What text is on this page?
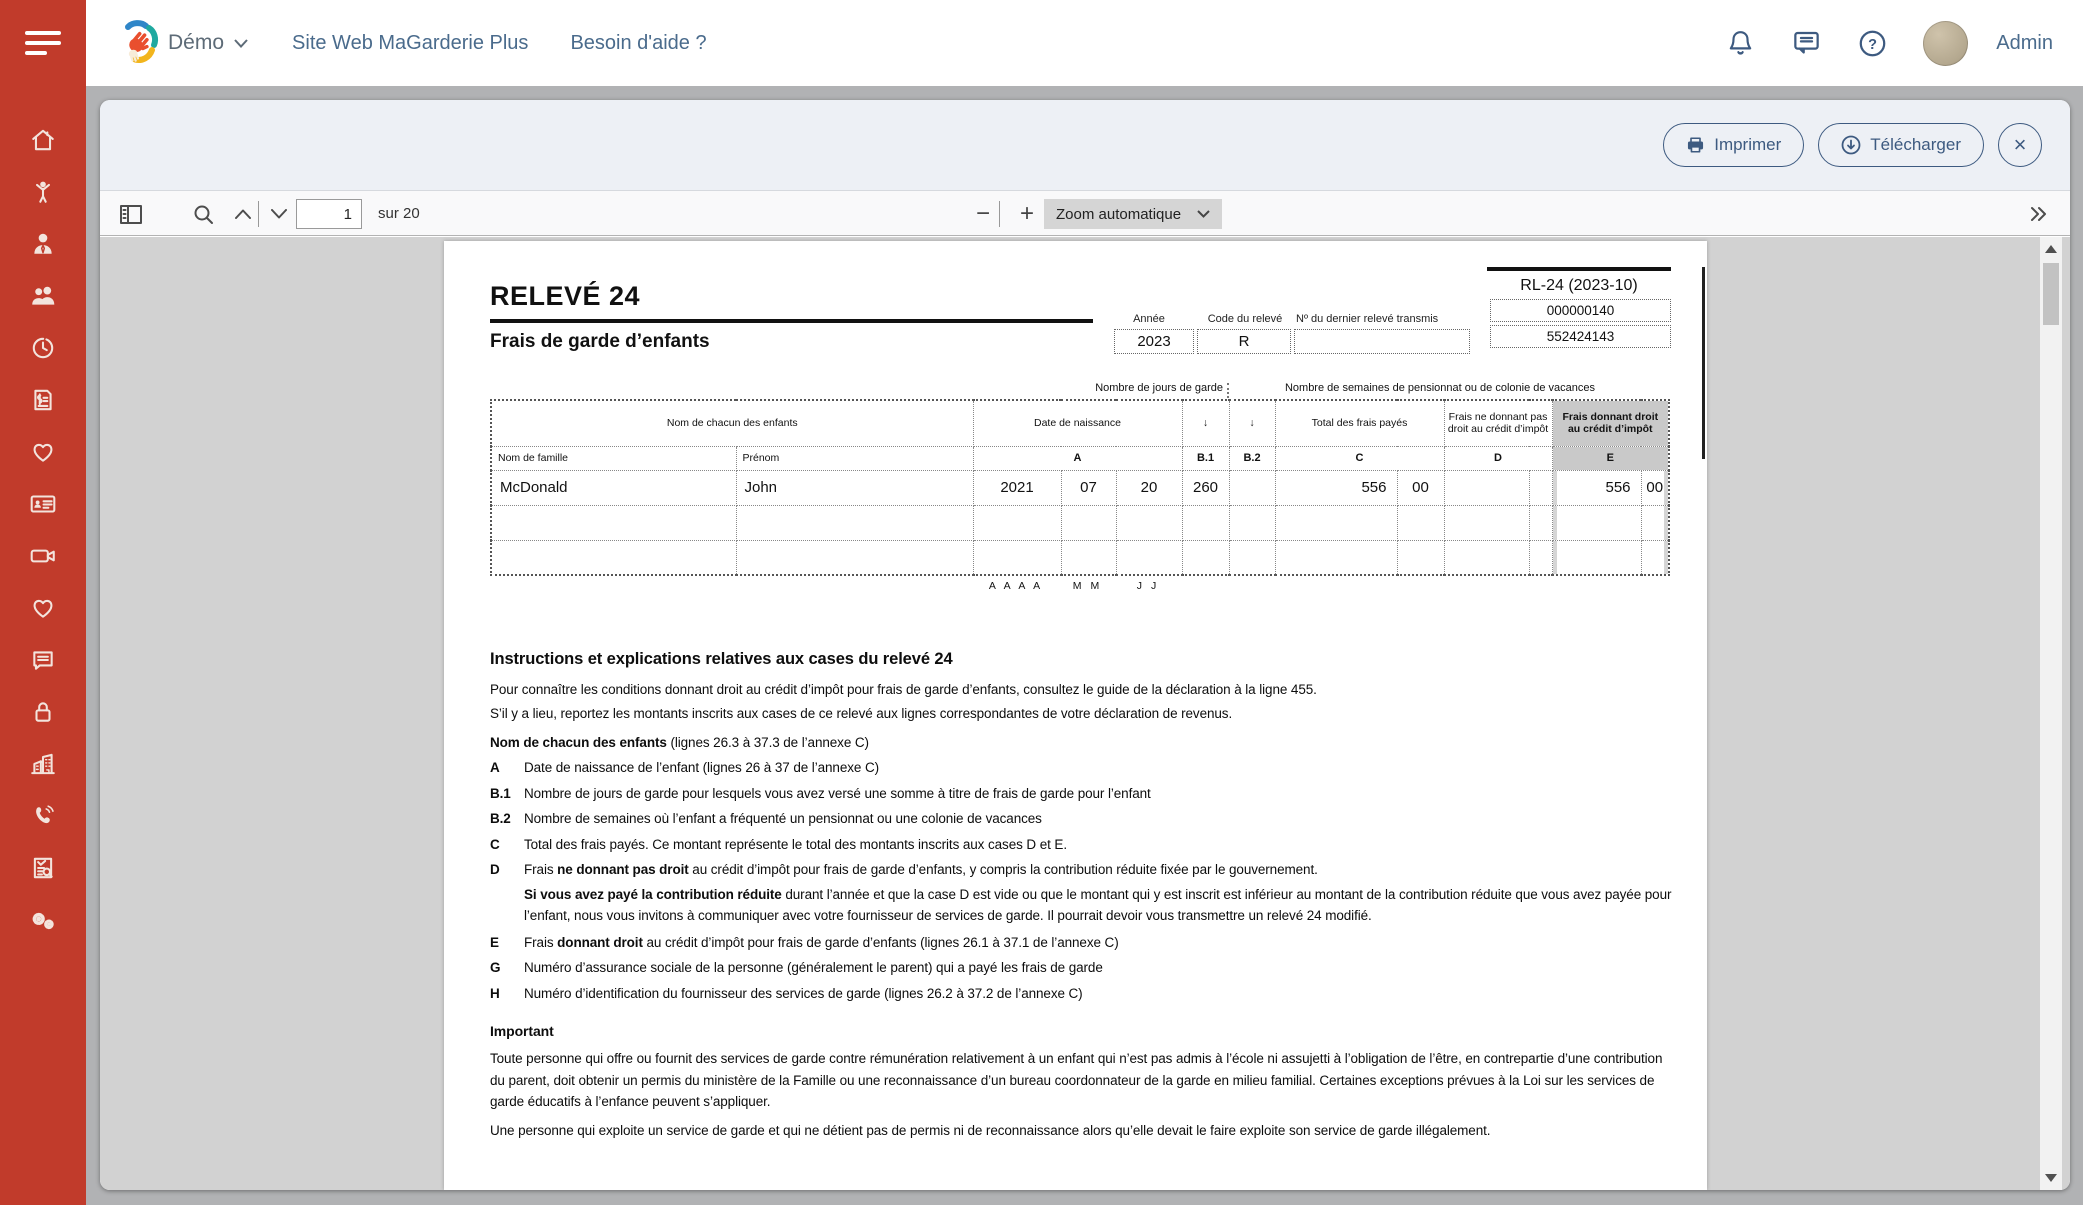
Démo	Site Web MaGarderie Plus Besoin d'aide ?	?	Admin
Imprimer	Télécharger ×
1
sur 20	− + Zoom automatique
RELEVÉ 24
Frais de garde d’enfants
Année
2023
Code du relevé
R
Nº du dernier relevé transmis
RL-24 (2023-10)
000000140
552424143
Nombre de jours de garde	Nombre de semaines de pensionnat ou de colonie de vacances
Nom de chacun des enfants		Date de naissance			↓	↓	Total des frais payés		Frais ne donnant pas droit au crédit d’impôt		Frais donnant droit au crédit d’impôt	
Nom de famille	Prénom	A			B.1	B.2	C		D		E	
McDonald	John	2021	07	20	260		556	00			556	00

A A A A	M M	J J
Instructions et explications relatives aux cases du relevé 24

Pour connaître les conditions donnant droit au crédit d’impôt pour frais de garde d’enfants, consultez le guide de la déclaration à la ligne 455.

S’il y a lieu, reportez les montants inscrits aux cases de ce relevé aux lignes correspondantes de votre déclaration de revenus.

Nom de chacun des enfants (lignes 26.3 à 37.3 de l’annexe C)

A	Date de naissance de l’enfant (lignes 26 à 37 de l’annexe C)
B.1 Nombre de jours de garde pour lesquels vous avez versé une somme à titre de frais de garde pour l’enfant
B.2 Nombre de semaines où l’enfant a fréquenté un pensionnat ou une colonie de vacances
C	Total des frais payés. Ce montant représente le total des montants inscrits aux cases D et E.
D	Frais ne donnant pas droit au crédit d’impôt pour frais de garde d’enfants, y compris la contribution réduite fixée par le gouvernement.
Si vous avez payé la contribution réduite durant l’année et que la case D est vide ou que le montant qui y est inscrit est inférieur au montant de la contribution réduite que vous avez payée pour l’enfant, nous vous invitons à communiquer avec votre fournisseur de services de garde. Il pourrait devoir vous transmettre un relevé 24 modifié.
E	Frais donnant droit au crédit d’impôt pour frais de garde d’enfants (lignes 26.1 à 37.1 de l’annexe C)
G	Numéro d’assurance sociale de la personne (généralement le parent) qui a payé les frais de garde
H	Numéro d’identification du fournisseur des services de garde (lignes 26.2 à 37.2 de l’annexe C)
Important

Toute personne qui offre ou fournit des services de garde contre rémunération relativement à un enfant qui n’est pas admis à l’école ni assujetti à l’obligation de l’être, en contrepartie d’une contribution du parent, doit obtenir un permis du ministère de la Famille ou une reconnaissance d’un bureau coordonnateur de la garde en milieu familial. Certaines exceptions prévues à la Loi sur les services de garde éducatifs à l’enfance peuvent s’appliquer.

Une personne qui exploite un service de garde et qui ne détient pas de permis ni de reconnaissance alors qu’elle devait le faire exploite son service de garde illégalement.
